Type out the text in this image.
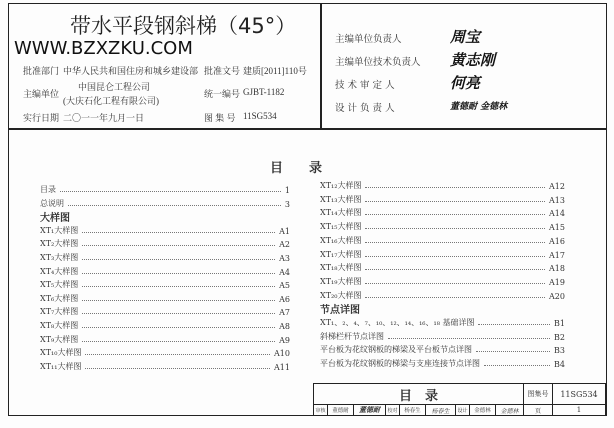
带水平段钢斜梯（45°）
WWW.BZXZKU.COM
批准部门 中华人民共和国住房和城乡建设部 批准文号 建质[2011]110号
主编单位
中国昆仑工程公司
(大庆石化工程有限公司)
统一编号 GJBT-1182
实行日期 二〇一一年九月一日	图 集 号 11SG534
主编单位负责人	周宝
主编单位技术负责人 黄志刚
技 术 审 定 人	何亮
设 计 负 责 人	董德耐 金德林
目　　录
目录	1
总说明	3
大样图
XT₁大样图	A1
XT₂大样图	A2
XT₃大样图	A3
XT₄大样图	A4
XT₅大样图	A5
XT₆大样图	A6
XT₇大样图	A7
XT₈大样图	A8
XT₉大样图	A9
XT₁₀大样图	A10
XT₁₁大样图	A11
XT₁₂大样图	A12
XT₁₃大样图	A13
XT₁₄大样图	A14
XT₁₅大样图	A15
XT₁₆大样图	A16
XT₁₇大样图	A17
XT₁₈大样图	A18
XT₁₉大样图	A19
XT₂₀大样图	A20
节点详图
XT₁、₂、₄、₇、₁₀、₁₂、₁₄、₁₆、₁₈ 基础详图	B1
斜梯栏杆节点详图	B2
平台板为花纹钢板的梯梁及平台板节点详图	B3
平台板为花纹钢板的梯梁与支座连接节点详图	B4
目　录	图集号	11SG534
审核	董德耐	董德耐	校对	杨春生	杨春生	设计	金德林	金德林	页	1
